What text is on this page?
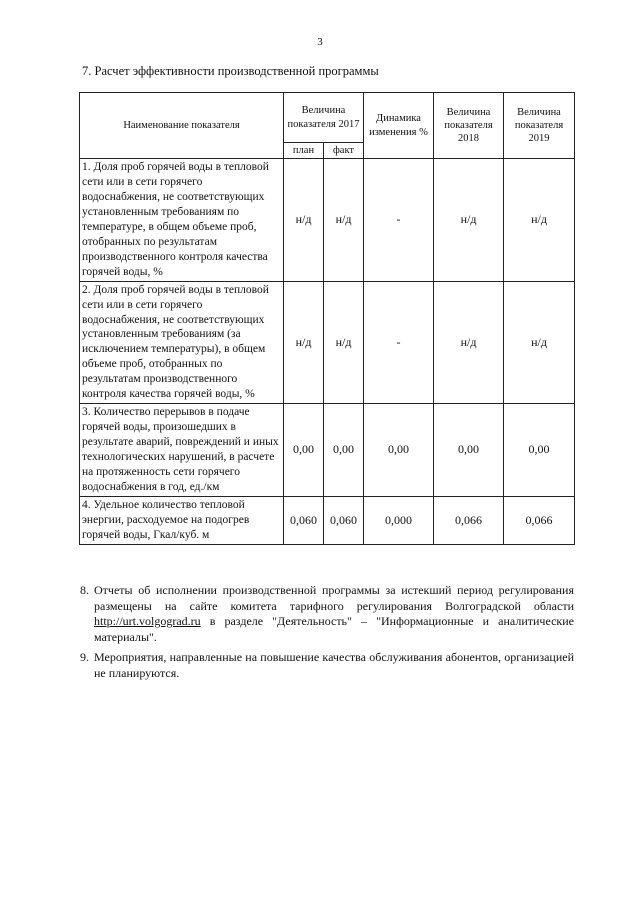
3
7. Расчет эффективности производственной программы
Наименование показателя	Величина показателя 2017		Динамика изменения %	Величина показателя 2018	Величина показателя 2019
	план	факт			
1. Доля проб горячей воды в тепловой сети или в сети горячего водоснабжения, не соответствующих установленным требованиям по температуре, в общем объеме проб, отобранных по результатам производственного контроля качества горячей воды, %	н/д	н/д	-	н/д	н/д
2. Доля проб горячей воды в тепловой сети или в сети горячего водоснабжения, не соответствующих установленным требованиям (за исключением температуры), в общем объеме проб, отобранных по результатам производственного контроля качества горячей воды, %	н/д	н/д	-	н/д	н/д
3. Количество перерывов в подаче горячей воды, произошедших в результате аварий, повреждений и иных технологических нарушений, в расчете на протяженность сети горячего водоснабжения в год, ед./км	0,00	0,00	0,00	0,00	0,00
4. Удельное количество тепловой энергии, расходуемое на подогрев горячей воды, Гкал/куб. м	0,060	0,060	0,000	0,066	0,066
8. Отчеты об исполнении производственной программы за истекший период регулирования размещены на сайте комитета тарифного регулирования Волгоградской области http://urt.volgograd.ru в разделе "Деятельность" – "Информационные и аналитические материалы".
9. Мероприятия, направленные на повышение качества обслуживания абонентов, организацией не планируются.
